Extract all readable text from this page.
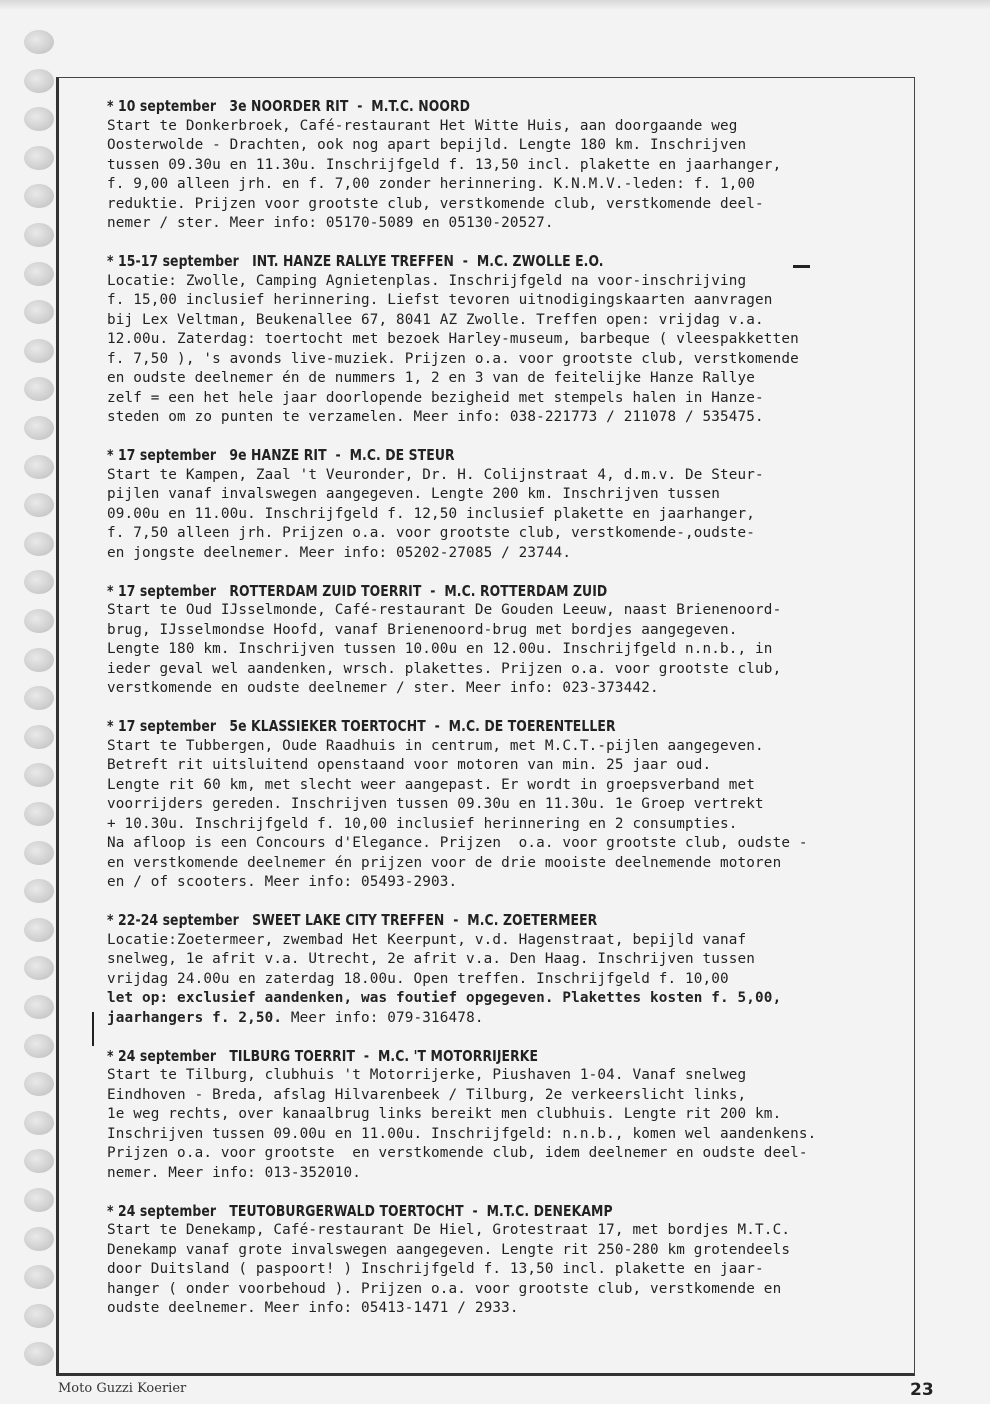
* 10 september   3e NOORDER RIT  -  M.T.C. NOORD
Start te Donkerbroek, Café-restaurant Het Witte Huis, aan doorgaande weg
Oosterwolde - Drachten, ook nog apart bepijld. Lengte 180 km. Inschrijven
tussen 09.30u en 11.30u. Inschrijfgeld f. 13,50 incl. plakette en jaarhanger,
f. 9,00 alleen jrh. en f. 7,00 zonder herinnering. K.N.M.V.-leden: f. 1,00
reduktie. Prijzen voor grootste club, verstkomende club, verstkomende deel-
nemer / ster. Meer info: 05170-5089 en 05130-20527.
* 15-17 september   INT. HANZE RALLYE TREFFEN  -  M.C. ZWOLLE E.O.
Locatie: Zwolle, Camping Agnietenplas. Inschrijfgeld na voor-inschrijving
f. 15,00 inclusief herinnering. Liefst tevoren uitnodigingskaarten aanvragen
bij Lex Veltman, Beukenallee 67, 8041 AZ Zwolle. Treffen open: vrijdag v.a.
12.00u. Zaterdag: toertocht met bezoek Harley-museum, barbeque ( vleespakketten
f. 7,50 ), 's avonds live-muziek. Prijzen o.a. voor grootste club, verstkomende
en oudste deelnemer én de nummers 1, 2 en 3 van de feitelijke Hanze Rallye
zelf = een het hele jaar doorlopende bezigheid met stempels halen in Hanze-
steden om zo punten te verzamelen. Meer info: 038-221773 / 211078 / 535475.
* 17 september   9e HANZE RIT  -  M.C. DE STEUR
Start te Kampen, Zaal 't Veuronder, Dr. H. Colijnstraat 4, d.m.v. De Steur-
pijlen vanaf invalswegen aangegeven. Lengte 200 km. Inschrijven tussen
09.00u en 11.00u. Inschrijfgeld f. 12,50 inclusief plakette en jaarhanger,
f. 7,50 alleen jrh. Prijzen o.a. voor grootste club, verstkomende-,oudste-
en jongste deelnemer. Meer info: 05202-27085 / 23744.
* 17 september   ROTTERDAM ZUID TOERRIT  -  M.C. ROTTERDAM ZUID
Start te Oud IJsselmonde, Café-restaurant De Gouden Leeuw, naast Brienenoord-
brug, IJsselmondse Hoofd, vanaf Brienenoord-brug met bordjes aangegeven.
Lengte 180 km. Inschrijven tussen 10.00u en 12.00u. Inschrijfgeld n.n.b., in
ieder geval wel aandenken, wrsch. plakettes. Prijzen o.a. voor grootste club,
verstkomende en oudste deelnemer / ster. Meer info: 023-373442.
* 17 september   5e KLASSIEKER TOERTOCHT  -  M.C. DE TOERENTELLER
Start te Tubbergen, Oude Raadhuis in centrum, met M.C.T.-pijlen aangegeven.
Betreft rit uitsluitend openstaand voor motoren van min. 25 jaar oud.
Lengte rit 60 km, met slecht weer aangepast. Er wordt in groepsverband met
voorrijders gereden. Inschrijven tussen 09.30u en 11.30u. 1e Groep vertrekt
+ 10.30u. Inschrijfgeld f. 10,00 inclusief herinnering en 2 consumpties.
Na afloop is een Concours d'Elegance. Prijzen  o.a. voor grootste club, oudste -
en verstkomende deelnemer én prijzen voor de drie mooiste deelnemende motoren
en / of scooters. Meer info: 05493-2903.
* 22-24 september   SWEET LAKE CITY TREFFEN  -  M.C. ZOETERMEER
Locatie:Zoetermeer, zwembad Het Keerpunt, v.d. Hagenstraat, bepijld vanaf
snelweg, 1e afrit v.a. Utrecht, 2e afrit v.a. Den Haag. Inschrijven tussen
vrijdag 24.00u en zaterdag 18.00u. Open treffen. Inschrijfgeld f. 10,00
let op: exclusief aandenken, was foutief opgegeven. Plakettes kosten f. 5,00,
jaarhangers f. 2,50. Meer info: 079-316478.
* 24 september   TILBURG TOERRIT  -  M.C. 'T MOTORRIJERKE
Start te Tilburg, clubhuis 't Motorrijerke, Piushaven 1-04. Vanaf snelweg
Eindhoven - Breda, afslag Hilvarenbeek / Tilburg, 2e verkeerslicht links,
1e weg rechts, over kanaalbrug links bereikt men clubhuis. Lengte rit 200 km.
Inschrijven tussen 09.00u en 11.00u. Inschrijfgeld: n.n.b., komen wel aandenkens.
Prijzen o.a. voor grootste  en verstkomende club, idem deelnemer en oudste deel-
nemer. Meer info: 013-352010.
* 24 september   TEUTOBURGERWALD TOERTOCHT  -  M.T.C. DENEKAMP
Start te Denekamp, Café-restaurant De Hiel, Grotestraat 17, met bordjes M.T.C.
Denekamp vanaf grote invalswegen aangegeven. Lengte rit 250-280 km grotendeels
door Duitsland ( paspoort! ) Inschrijfgeld f. 13,50 incl. plakette en jaar-
hanger ( onder voorbehoud ). Prijzen o.a. voor grootste club, verstkomende en
oudste deelnemer. Meer info: 05413-1471 / 2933.
Moto Guzzi Koerier	23
